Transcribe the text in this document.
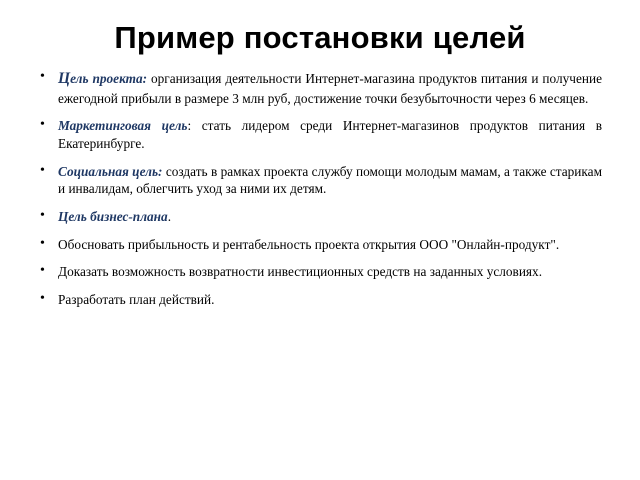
Пример постановки целей
• Цель проекта: организация деятельности Интернет-магазина продуктов питания и получение ежегодной прибыли в размере 3 млн руб, достижение точки безубыточности через 6 месяцев.
• Маркетинговая цель: стать лидером среди Интернет-магазинов продуктов питания в Екатеринбурге.
• Социальная цель: создать в рамках проекта службу помощи молодым мамам, а также старикам и инвалидам, облегчить уход за ними их детям.
• Цель бизнес-плана.
• Обосновать прибыльность и рентабельность проекта открытия ООО "Онлайн-продукт".
• Доказать возможность возвратности инвестиционных средств на заданных условиях.
• Разработать план действий.
